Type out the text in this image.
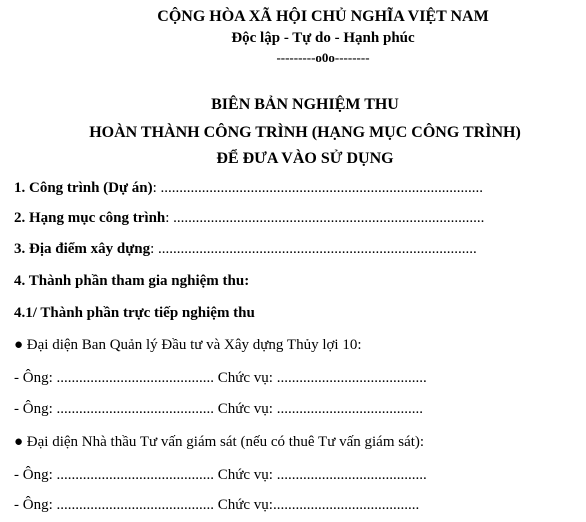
CỘNG HÒA XÃ HỘI CHỦ NGHĨA VIỆT NAM
Độc lập - Tự do - Hạnh phúc
---------o0o--------
BIÊN BẢN NGHIỆM THU
HOÀN THÀNH CÔNG TRÌNH (HẠNG MỤC CÔNG TRÌNH)
ĐỂ ĐƯA VÀO SỬ DỤNG
1. Công trình (Dự án): ......................................................................................
2. Hạng mục công trình: ...................................................................................
3. Địa điểm xây dựng: .....................................................................................
4. Thành phần tham gia nghiệm thu:
4.1/ Thành phần trực tiếp nghiệm thu
● Đại diện Ban Quản lý Đầu tư và Xây dựng Thủy lợi 10:
- Ông: .......................................... Chức vụ: ........................................
- Ông: .......................................... Chức vụ: .......................................
● Đại diện Nhà thầu Tư vấn giám sát (nếu có thuê Tư vấn giám sát):
- Ông: .......................................... Chức vụ: ........................................
- Ông: .......................................... Chức vụ:.......................................
